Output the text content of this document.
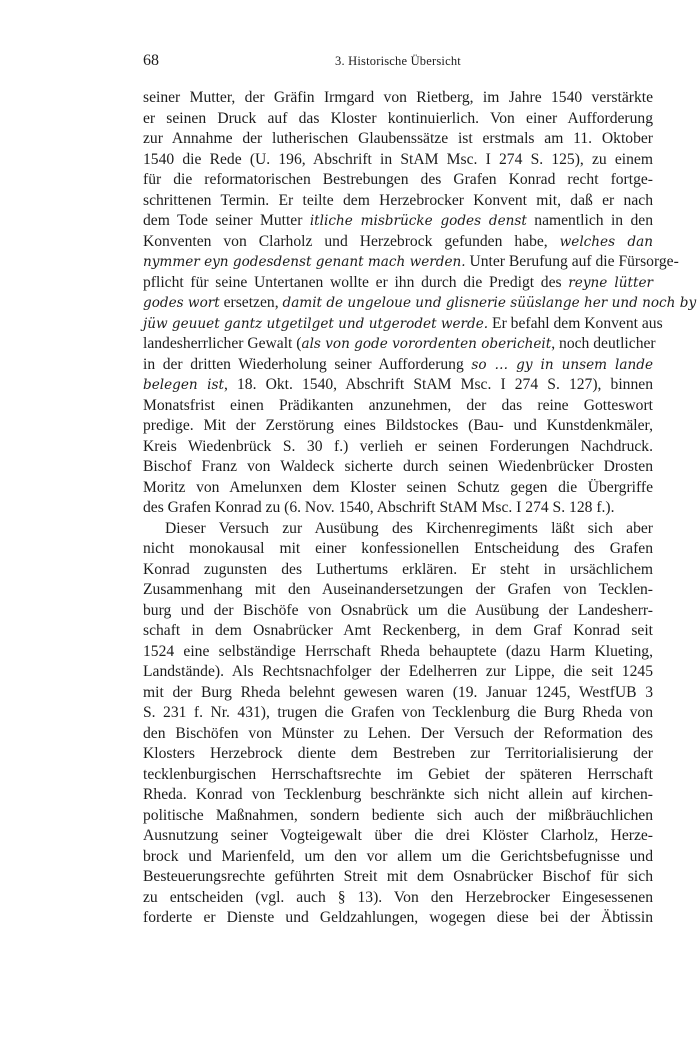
68	3. Historische Übersicht
seiner Mutter, der Gräfin Irmgard von Rietberg, im Jahre 1540 verstärkte
er seinen Druck auf das Kloster kontinuierlich. Von einer Aufforderung
zur Annahme der lutherischen Glaubenssätze ist erstmals am 11. Oktober
1540 die Rede (U. 196, Abschrift in StAM Msc. I 274 S. 125), zu einem
für die reformatorischen Bestrebungen des Grafen Konrad recht fortge-
schrittenen Termin. Er teilte dem Herzebrocker Konvent mit, daß er nach
dem Tode seiner Mutter itliche misbrücke godes denst namentlich in den
Konventen von Clarholz und Herzebrock gefunden habe, welches dan
nymmer eyn godesdenst genant mach werden. Unter Berufung auf die Fürsorge-
pflicht für seine Untertanen wollte er ihn durch die Predigt des reyne lütter
godes wort ersetzen, damit de ungeloue und glisnerie süüslange her und noch by
jüw geuuet gantz utgetilget und utgerodet werde. Er befahl dem Konvent aus
landesherrlicher Gewalt (als von gode vorordenten obericheit, noch deutlicher
in der dritten Wiederholung seiner Aufforderung so … gy in unsem lande
belegen ist, 18. Okt. 1540, Abschrift StAM Msc. I 274 S. 127), binnen
Monatsfrist einen Prädikanten anzunehmen, der das reine Gotteswort
predige. Mit der Zerstörung eines Bildstockes (Bau- und Kunstdenkmäler,
Kreis Wiedenbrück S. 30 f.) verlieh er seinen Forderungen Nachdruck.
Bischof Franz von Waldeck sicherte durch seinen Wiedenbrücker Drosten
Moritz von Amelunxen dem Kloster seinen Schutz gegen die Übergriffe
des Grafen Konrad zu (6. Nov. 1540, Abschrift StAM Msc. I 274 S. 128 f.).
Dieser Versuch zur Ausübung des Kirchenregiments läßt sich aber
nicht monokausal mit einer konfessionellen Entscheidung des Grafen
Konrad zugunsten des Luthertums erklären. Er steht in ursächlichem
Zusammenhang mit den Auseinandersetzungen der Grafen von Tecklen-
burg und der Bischöfe von Osnabrück um die Ausübung der Landesherr-
schaft in dem Osnabrücker Amt Reckenberg, in dem Graf Konrad seit
1524 eine selbständige Herrschaft Rheda behauptete (dazu Harm Klueting,
Landstände). Als Rechtsnachfolger der Edelherren zur Lippe, die seit 1245
mit der Burg Rheda belehnt gewesen waren (19. Januar 1245, WestfUB 3
S. 231 f. Nr. 431), trugen die Grafen von Tecklenburg die Burg Rheda von
den Bischöfen von Münster zu Lehen. Der Versuch der Reformation des
Klosters Herzebrock diente dem Bestreben zur Territorialisierung der
tecklenburgischen Herrschaftsrechte im Gebiet der späteren Herrschaft
Rheda. Konrad von Tecklenburg beschränkte sich nicht allein auf kirchen-
politische Maßnahmen, sondern bediente sich auch der mißbräuchlichen
Ausnutzung seiner Vogteigewalt über die drei Klöster Clarholz, Herze-
brock und Marienfeld, um den vor allem um die Gerichtsbefugnisse und
Besteuerungsrechte geführten Streit mit dem Osnabrücker Bischof für sich
zu entscheiden (vgl. auch § 13). Von den Herzebrocker Eingesessenen
forderte er Dienste und Geldzahlungen, wogegen diese bei der Äbtissin
